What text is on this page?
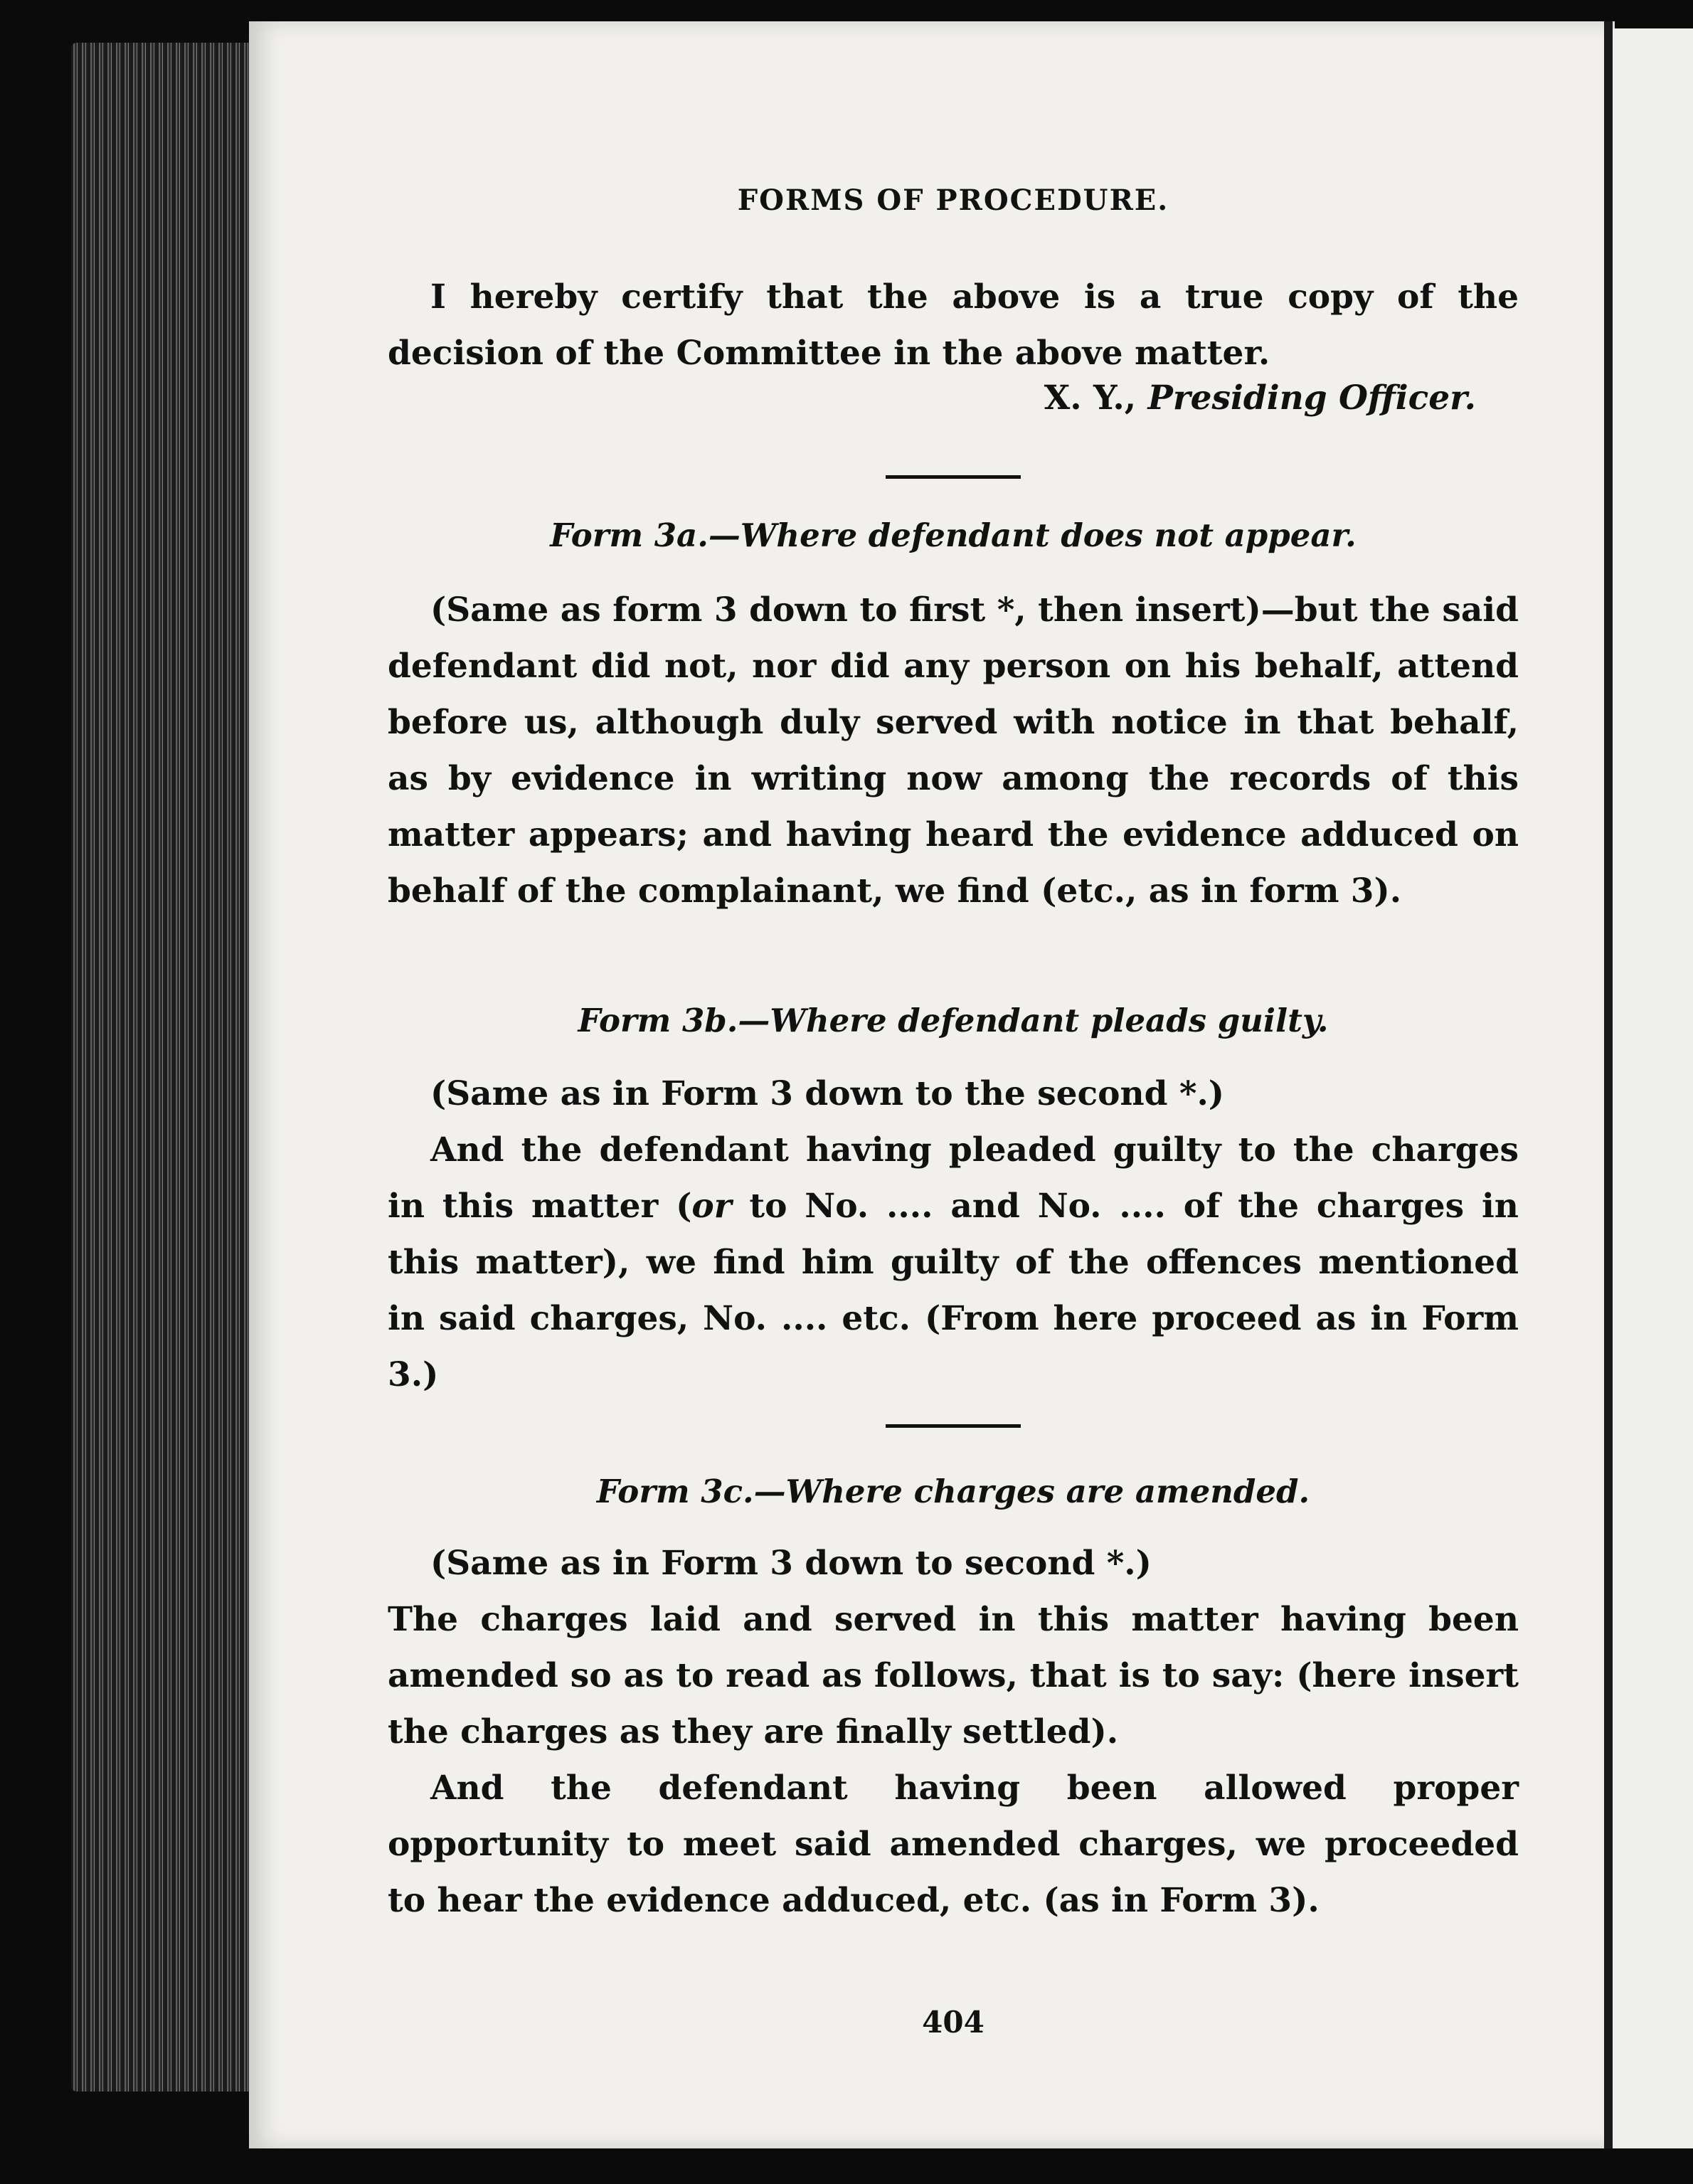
FORMS OF PROCEDURE.
I hereby certify that the above is a true copy of the decision of the Committee in the above matter.
X. Y., Presiding Officer.
Form 3a.—Where defendant does not appear.
(Same as form 3 down to first *, then insert)—but the said defendant did not, nor did any person on his behalf, attend before us, although duly served with notice in that behalf, as by evidence in writing now among the records of this matter appears; and having heard the evidence adduced on behalf of the complainant, we find (etc., as in form 3).
Form 3b.—Where defendant pleads guilty.
(Same as in Form 3 down to the second *.)
And the defendant having pleaded guilty to the charges in this matter (or to No. .... and No. .... of the charges in this matter), we find him guilty of the offences mentioned in said charges, No. .... etc. (From here proceed as in Form 3.)
Form 3c.—Where charges are amended.
(Same as in Form 3 down to second *.)
The charges laid and served in this matter having been amended so as to read as follows, that is to say: (here insert the charges as they are finally settled).
And the defendant having been allowed proper opportunity to meet said amended charges, we proceeded to hear the evidence adduced, etc. (as in Form 3).
404
